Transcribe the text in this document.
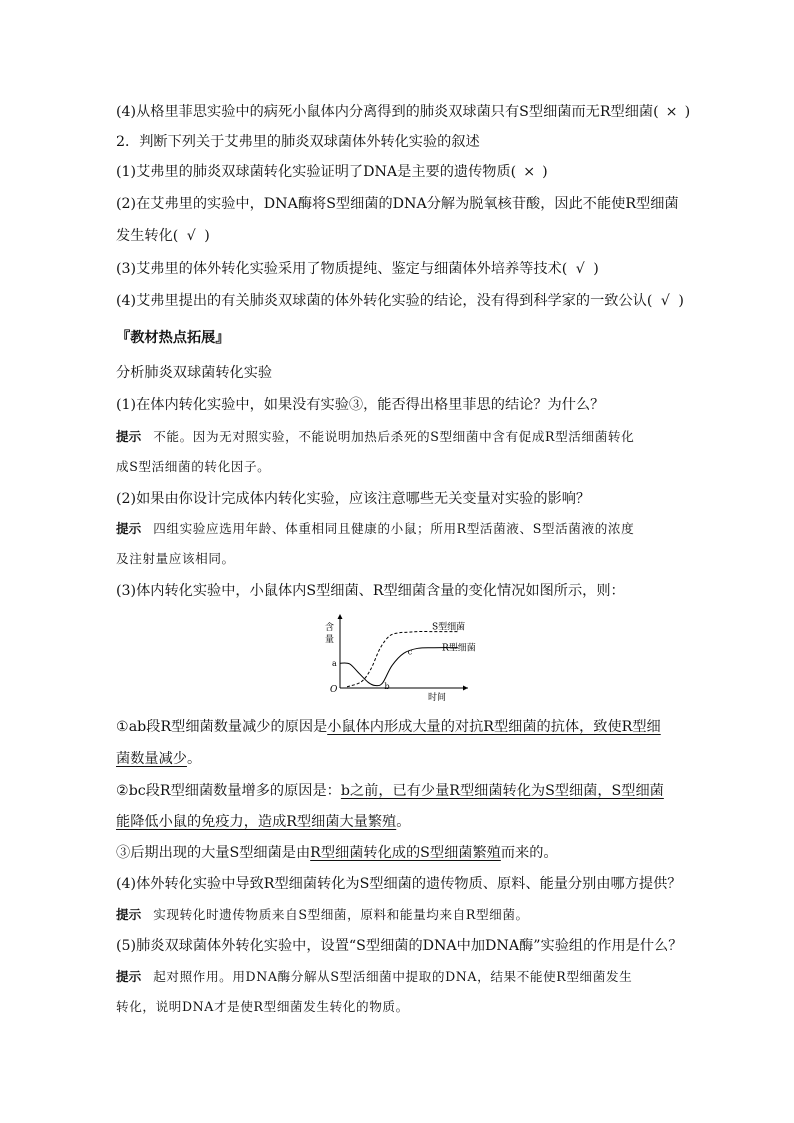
(4)从格里菲思实验中的病死小鼠体内分离得到的肺炎双球菌只有S型细菌而无R型细菌( × )
2．判断下列关于艾弗里的肺炎双球菌体外转化实验的叙述
(1)艾弗里的肺炎双球菌转化实验证明了DNA是主要的遗传物质( × )
(2)在艾弗里的实验中，DNA酶将S型细菌的DNA分解为脱氧核苷酸，因此不能使R型细菌
发生转化( √ )
(3)艾弗里的体外转化实验采用了物质提纯、鉴定与细菌体外培养等技术( √ )
(4)艾弗里提出的有关肺炎双球菌的体外转化实验的结论，没有得到科学家的一致公认( √ )
『教材热点拓展』
分析肺炎双球菌转化实验
(1)在体内转化实验中，如果没有实验③，能否得出格里菲思的结论？为什么？
提示 不能。因为无对照实验，不能说明加热后杀死的S型细菌中含有促成R型活细菌转化
成S型活细菌的转化因子。
(2)如果由你设计完成体内转化实验，应该注意哪些无关变量对实验的影响？
提示 四组实验应选用年龄、体重相同且健康的小鼠；所用R型活菌液、S型活菌液的浓度
及注射量应该相同。
(3)体内转化实验中，小鼠体内S型细菌、R型细菌含量的变化情况如图所示，则：
S型细菌
R型细菌
含
量
时间
O
a
b
c
①ab段R型细菌数量减少的原因是小鼠体内形成大量的对抗R型细菌的抗体，致使R型细
菌数量减少。
②bc段R型细菌数量增多的原因是：b之前，已有少量R型细菌转化为S型细菌，S型细菌
能降低小鼠的免疫力，造成R型细菌大量繁殖。
③后期出现的大量S型细菌是由R型细菌转化成的S型细菌繁殖而来的。
(4)体外转化实验中导致R型细菌转化为S型细菌的遗传物质、原料、能量分别由哪方提供？
提示 实现转化时遗传物质来自S型细菌，原料和能量均来自R型细菌。
(5)肺炎双球菌体外转化实验中，设置“S型细菌的DNA中加DNA酶”实验组的作用是什么？
提示 起对照作用。用DNA酶分解从S型活细菌中提取的DNA，结果不能使R型细菌发生
转化，说明DNA才是使R型细菌发生转化的物质。
